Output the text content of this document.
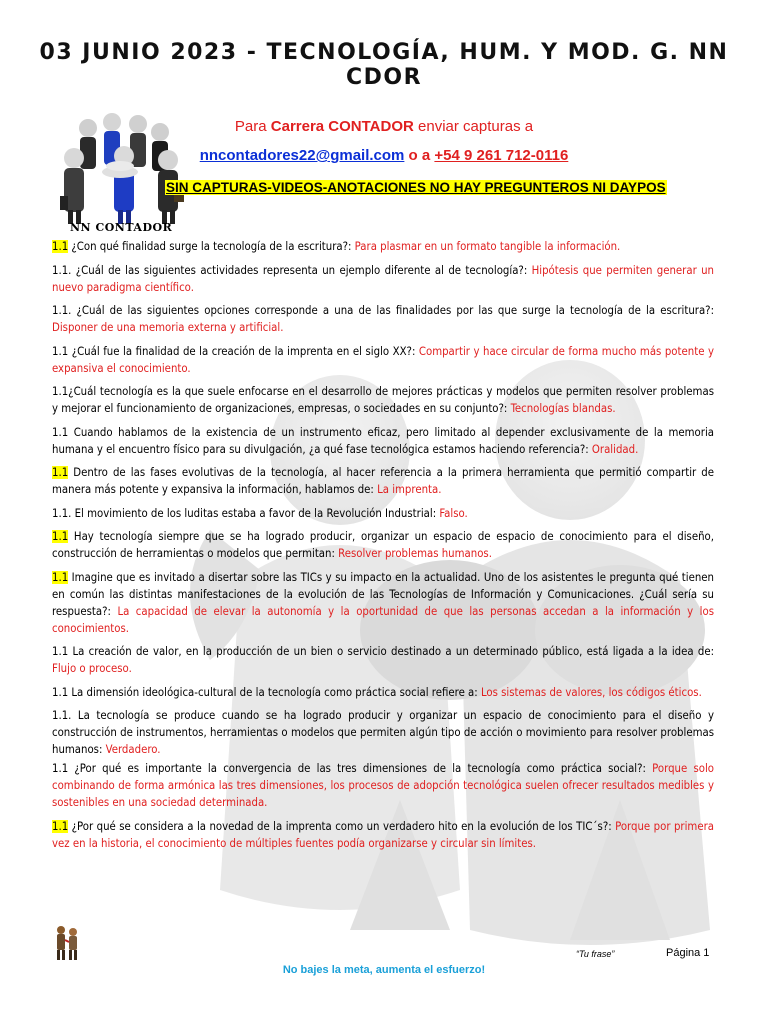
03 JUNIO 2023 - TECNOLOGÍA, HUM. Y MOD. G. NN CDOR
NN CONTADOR
Para Carrera CONTADOR enviar capturas a
nncontadores22@gmail.com o a +54 9 261 712-0116
SIN CAPTURAS-VIDEOS-ANOTACIONES NO HAY PREGUNTEROS NI DAYPOS
1.1 ¿Con qué finalidad surge la tecnología de la escritura?: Para plasmar en un formato tangible la información.
1.1. ¿Cuál de las siguientes actividades representa un ejemplo diferente al de tecnología?: Hipótesis que permiten generar un nuevo paradigma científico.
1.1. ¿Cuál de las siguientes opciones corresponde a una de las finalidades por las que surge la tecnología de la escritura?: Disponer de una memoria externa y artificial.
1.1 ¿Cuál fue la finalidad de la creación de la imprenta en el siglo XX?: Compartir y hace circular de forma mucho más potente y expansiva el conocimiento.
1.1¿Cuál tecnología es la que suele enfocarse en el desarrollo de mejores prácticas y modelos que permiten resolver problemas y mejorar el funcionamiento de organizaciones, empresas, o sociedades en su conjunto?: Tecnologías blandas.
1.1 Cuando hablamos de la existencia de un instrumento eficaz, pero limitado al depender exclusivamente de la memoria humana y el encuentro físico para su divulgación, ¿a qué fase tecnológica estamos haciendo referencia?: Oralidad.
1.1 Dentro de las fases evolutivas de la tecnología, al hacer referencia a la primera herramienta que permitió compartir de manera más potente y expansiva la información, hablamos de: La imprenta.
1.1. El movimiento de los luditas estaba a favor de la Revolución Industrial: Falso.
1.1 Hay tecnología siempre que se ha logrado producir, organizar un espacio de espacio de conocimiento para el diseño, construcción de herramientas o modelos que permitan: Resolver problemas humanos.
1.1 Imagine que es invitado a disertar sobre las TICs y su impacto en la actualidad. Uno de los asistentes le pregunta qué tienen en común las distintas manifestaciones de la evolución de las Tecnologías de Información y Comunicaciones. ¿Cuál sería su respuesta?: La capacidad de elevar la autonomía y la oportunidad de que las personas accedan a la información y los conocimientos.
1.1 La creación de valor, en la producción de un bien o servicio destinado a un determinado público, está ligada a la idea de: Flujo o proceso.
1.1 La dimensión ideológica-cultural de la tecnología como práctica social refiere a: Los sistemas de valores, los códigos éticos.
1.1. La tecnología se produce cuando se ha logrado producir y organizar un espacio de conocimiento para el diseño y construcción de instrumentos, herramientas o modelos que permiten algún tipo de acción o movimiento para resolver problemas humanos: Verdadero.
1.1 ¿Por qué es importante la convergencia de las tres dimensiones de la tecnología como práctica social?: Porque solo combinando de forma armónica las tres dimensiones, los procesos de adopción tecnológica suelen ofrecer resultados medibles y sostenibles en una sociedad determinada.
1.1 ¿Por qué se considera a la novedad de la imprenta como un verdadero hito en la evolución de los TIC´s?: Porque por primera vez en la historia, el conocimiento de múltiples fuentes podía organizarse y circular sin límites.
“Tu frase”	Página 1
No bajes la meta, aumenta el esfuerzo!
